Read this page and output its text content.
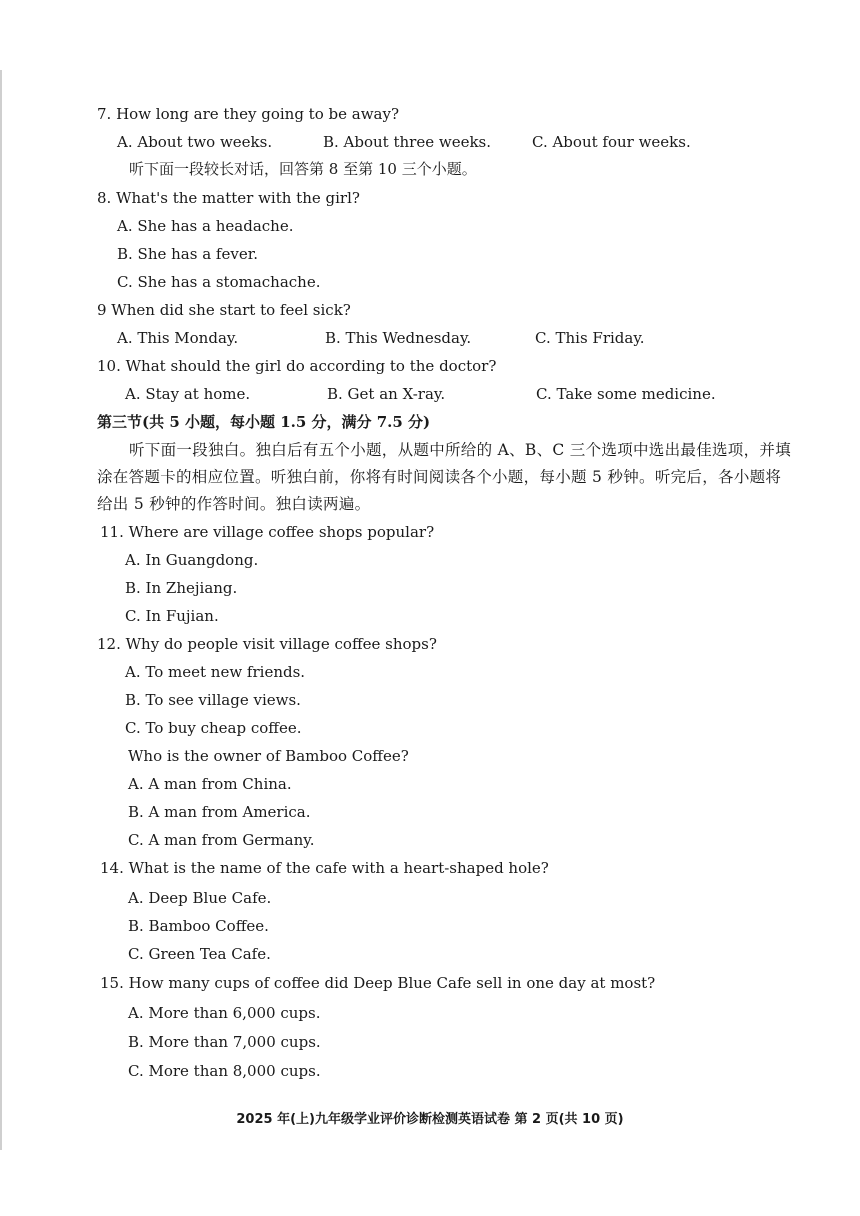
7. How long are they going to be away?
A. About two weeks.	B. About three weeks.	C. About four weeks.
听下面一段较长对话，回答第 8 至第 10 三个小题。
8. What's the matter with the girl?
A. She has a headache.
B. She has a fever.
C. She has a stomachache.
9 When did she start to feel sick?
A. This Monday.	B. This Wednesday.	C. This Friday.
10. What should the girl do according to the doctor?
A. Stay at home.	B. Get an X-ray.	C. Take some medicine.
第三节(共 5 小题，每小题 1.5 分，满分 7.5 分)
听下面一段独白。独白后有五个小题，从题中所给的 A、B、C 三个选项中选出最佳选项，并填
涂在答题卡的相应位置。听独白前，你将有时间阅读各个小题，每小题 5 秒钟。听完后，各小题将
给出 5 秒钟的作答时间。独白读两遍。
11. Where are village coffee shops popular?
A. In Guangdong.
B. In Zhejiang.
C. In Fujian.
12. Why do people visit village coffee shops?
A. To meet new friends.
B. To see village views.
C. To buy cheap coffee.
Who is the owner of Bamboo Coffee?
A. A man from China.
B. A man from America.
C. A man from Germany.
14. What is the name of the cafe with a heart-shaped hole?
A. Deep Blue Cafe.
B. Bamboo Coffee.
C. Green Tea Cafe.
15. How many cups of coffee did Deep Blue Cafe sell in one day at most?
A. More than 6,000 cups.
B. More than 7,000 cups.
C. More than 8,000 cups.
2025 年(上)九年级学业评价诊断检测英语试卷 第 2 页(共 10 页)
